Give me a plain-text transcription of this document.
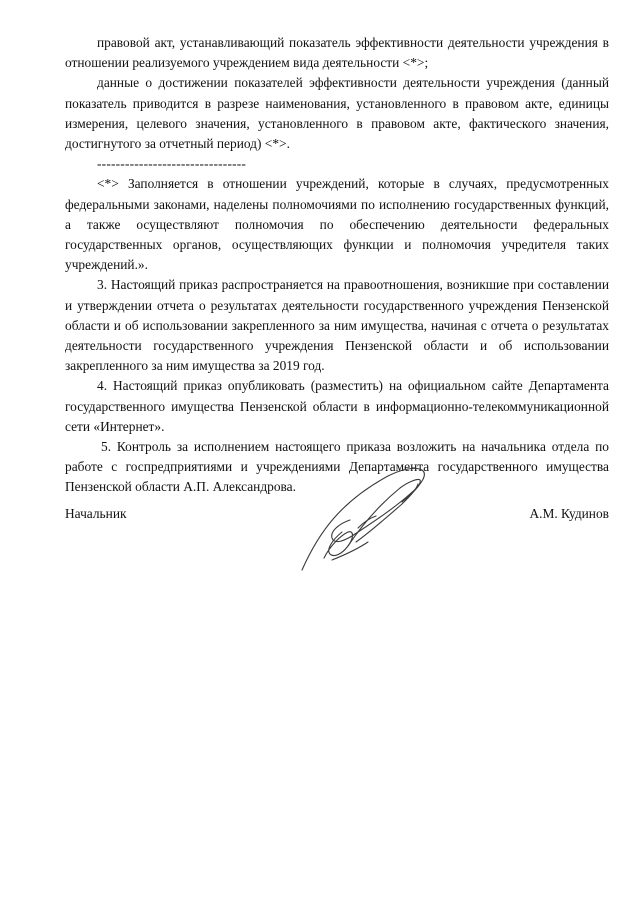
правовой акт, устанавливающий показатель эффективности деятельности учреждения в отношении реализуемого учреждением вида деятельности <*>;

данные о достижении показателей эффективности деятельности учреждения (данный показатель приводится в разрезе наименования, установленного в правовом акте, единицы измерения, целевого значения, установленного в правовом акте, фактического значения, достигнутого за отчетный период) <*>.

--------------------------------

<*> Заполняется в отношении учреждений, которые в случаях, предусмотренных федеральными законами, наделены полномочиями по исполнению государственных функций, а также осуществляют полномочия по обеспечению деятельности федеральных государственных органов, осуществляющих функции и полномочия учредителя таких учреждений.».

3. Настоящий приказ распространяется на правоотношения, возникшие при составлении и утверждении отчета о результатах деятельности государственного учреждения Пензенской области и об использовании закрепленного за ним имущества, начиная с отчета о результатах деятельности государственного учреждения Пензенской области и об использовании закрепленного за ним имущества за 2019 год.

4. Настоящий приказ опубликовать (разместить) на официальном сайте Департамента государственного имущества Пензенской области в информационно-телекоммуникационной сети «Интернет».

5. Контроль за исполнением настоящего приказа возложить на начальника отдела по работе с госпредприятиями и учреждениями Департамента государственного имущества Пензенской области А.П. Александрова.

Начальник	А.М. Кудинов
